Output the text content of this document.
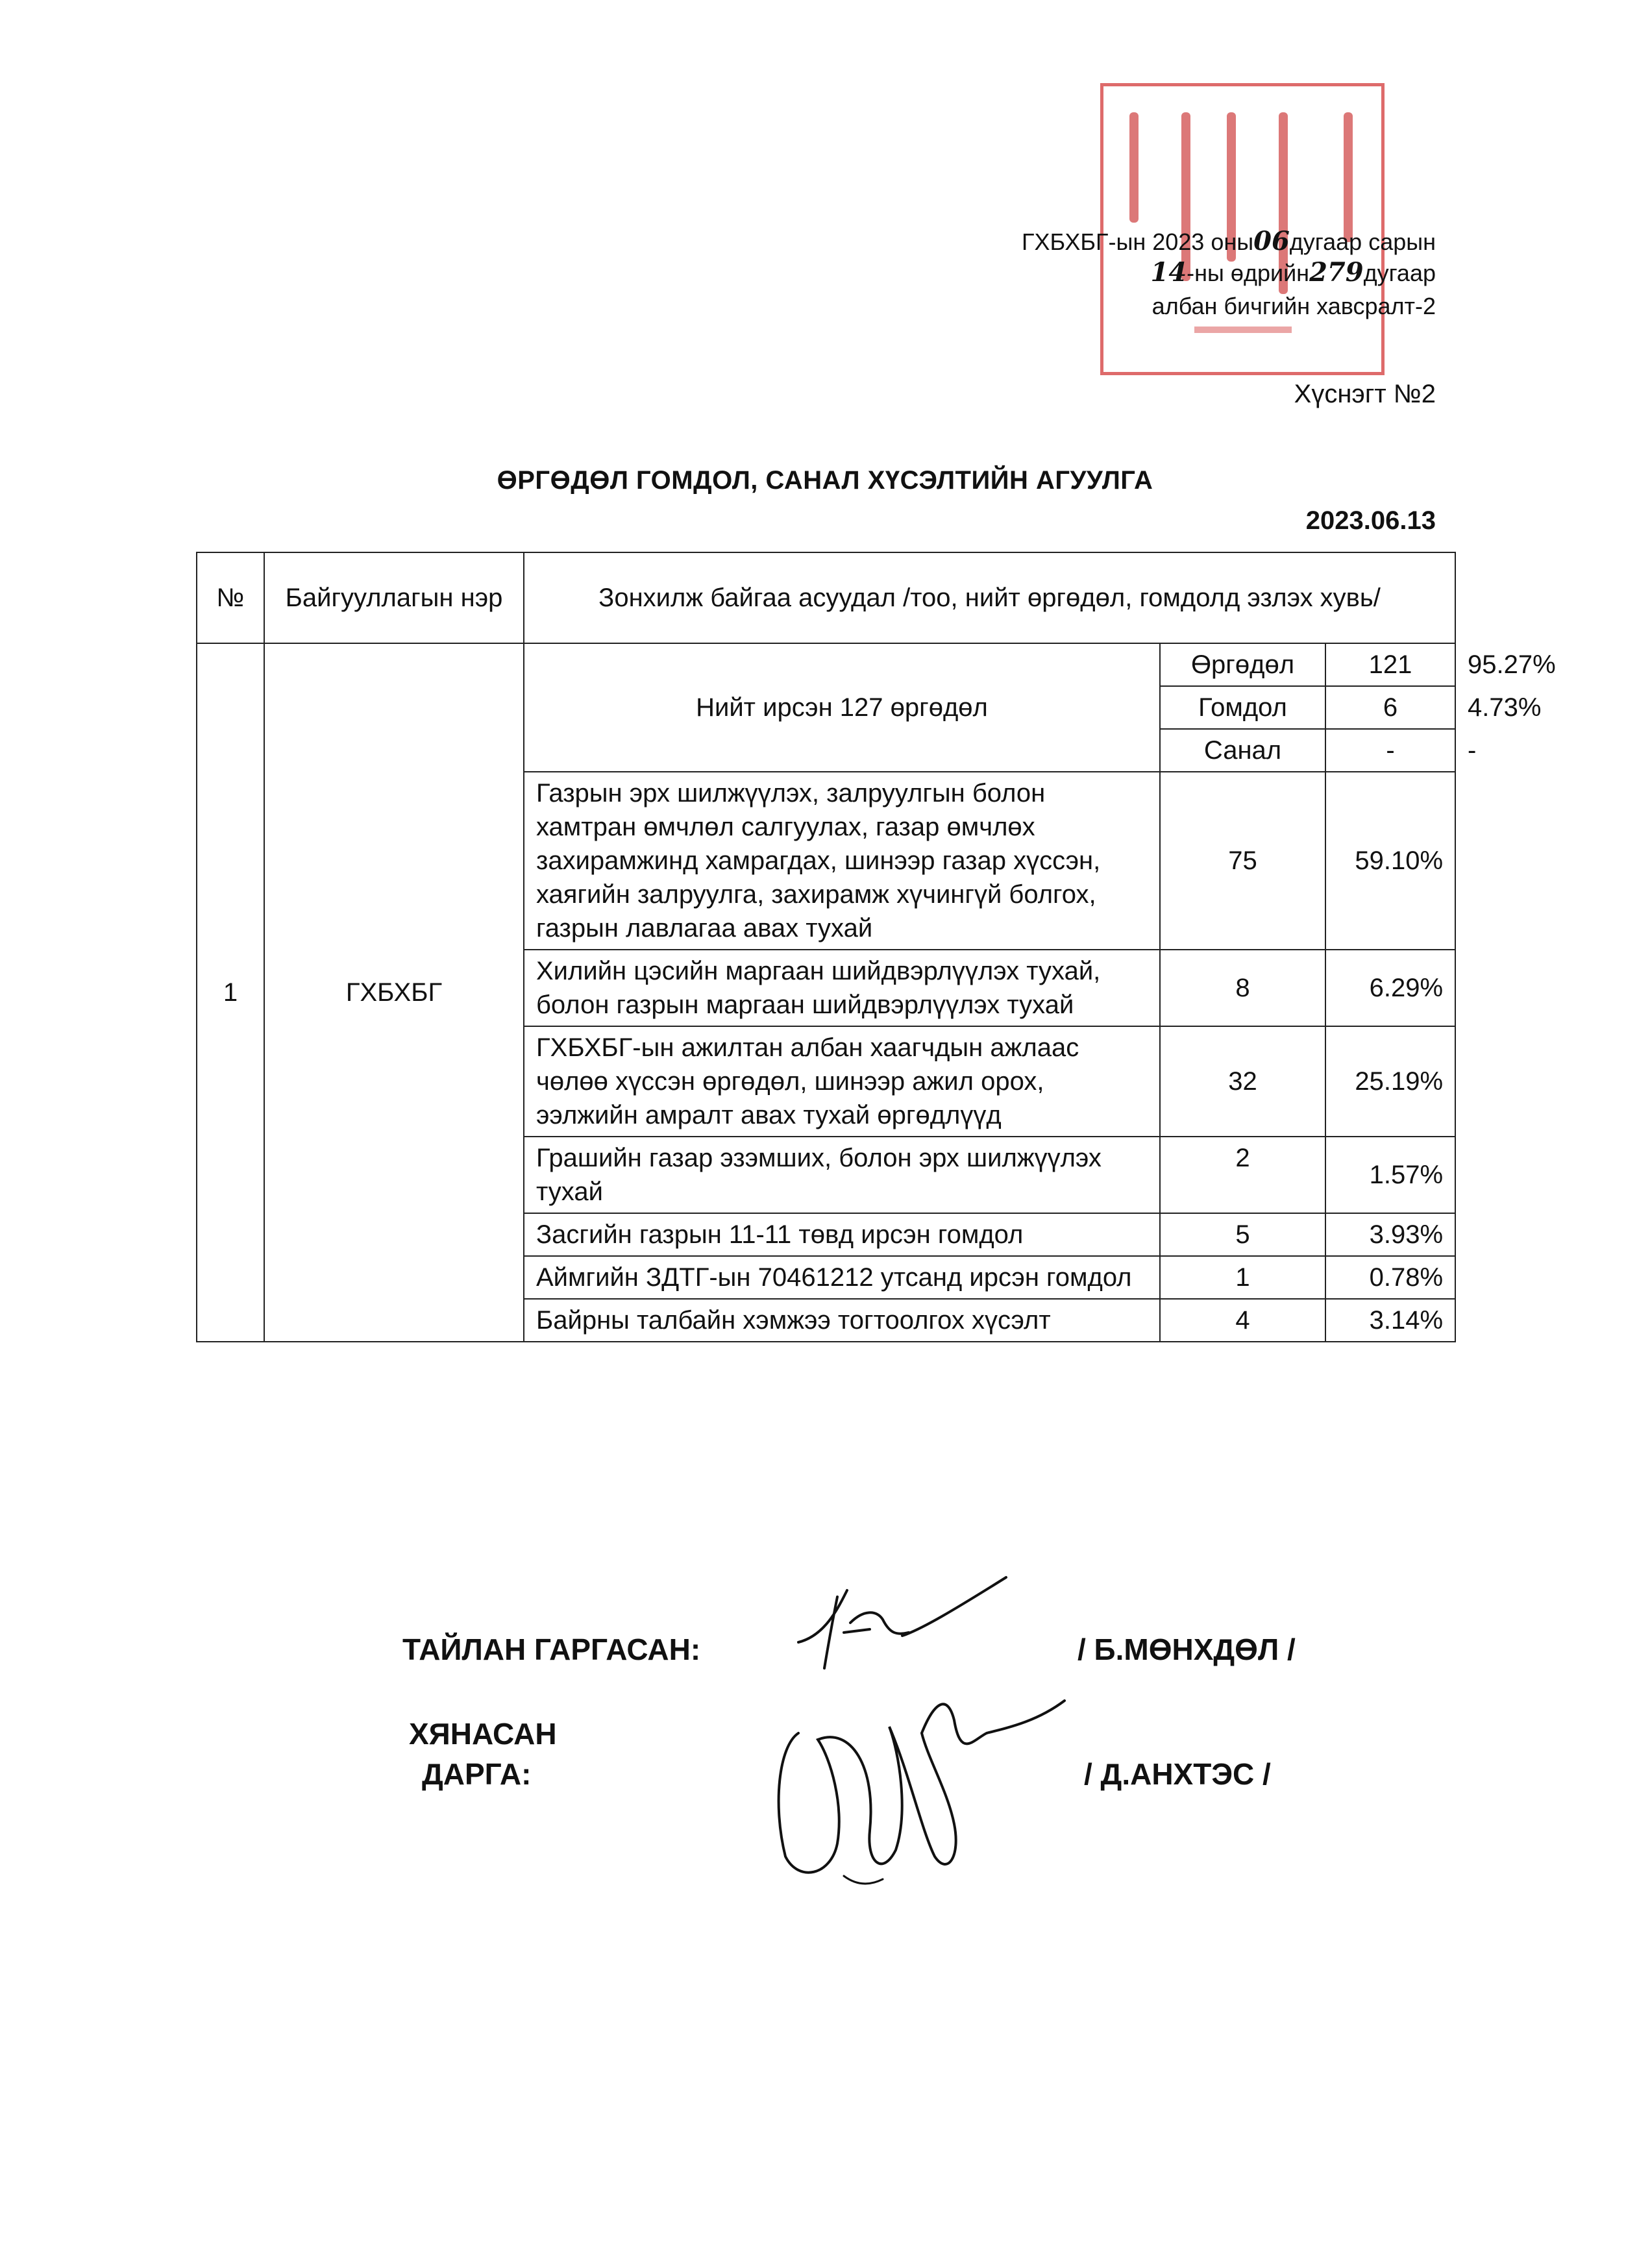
ГХБХБГ-ын 2023 оны06дугаар сарын
14-ны өдрийн279дугаар
албан бичгийн хавсралт-2
Хүснэгт №2
ӨРГӨДӨЛ ГОМДОЛ, САНАЛ ХҮСЭЛТИЙН АГУУЛГА
2023.06.13
№	Байгууллагын нэр	Зонхилж байгаа асуудал /тоо, нийт өргөдөл, гомдолд эзлэх хувь/			
1	ГХБХБГ	Нийт ирсэн 127 өргөдөл	Өргөдөл	121	95.27%
			Гомдол	6	4.73%
			Санал	-	-
		Газрын эрх шилжүүлэх, залруулгын болон хамтран өмчлөл салгуулах, газар өмчлөх захирамжинд хамрагдах, шинээр газар хүссэн, хаягийн залруулга, захирамж хүчингүй болгох, газрын лавлагаа авах тухай	75	59.10%	
		Хилийн цэсийн маргаан шийдвэрлүүлэх тухай, болон газрын маргаан шийдвэрлүүлэх тухай	8	6.29%	
		ГХБХБГ-ын ажилтан албан хаагчдын ажлаас чөлөө хүссэн өргөдөл, шинээр ажил орох, ээлжийн амралт авах тухай өргөдлүүд	32	25.19%	
		Грашийн газар эзэмших, болон эрх шилжүүлэх тухай	2	1.57%	
		Засгийн газрын 11-11 төвд ирсэн гомдол	5	3.93%	
		Аймгийн ЗДТГ-ын 70461212 утсанд ирсэн гомдол	1	0.78%	
		Байрны талбайн хэмжээ тогтоолгох хүсэлт	4	3.14%	
ТАЙЛАН ГАРГАСАН:	/ Б.МӨНХДӨЛ /
ХЯНАСАН
ДАРГА:	/ Д.АНХТЭС /
